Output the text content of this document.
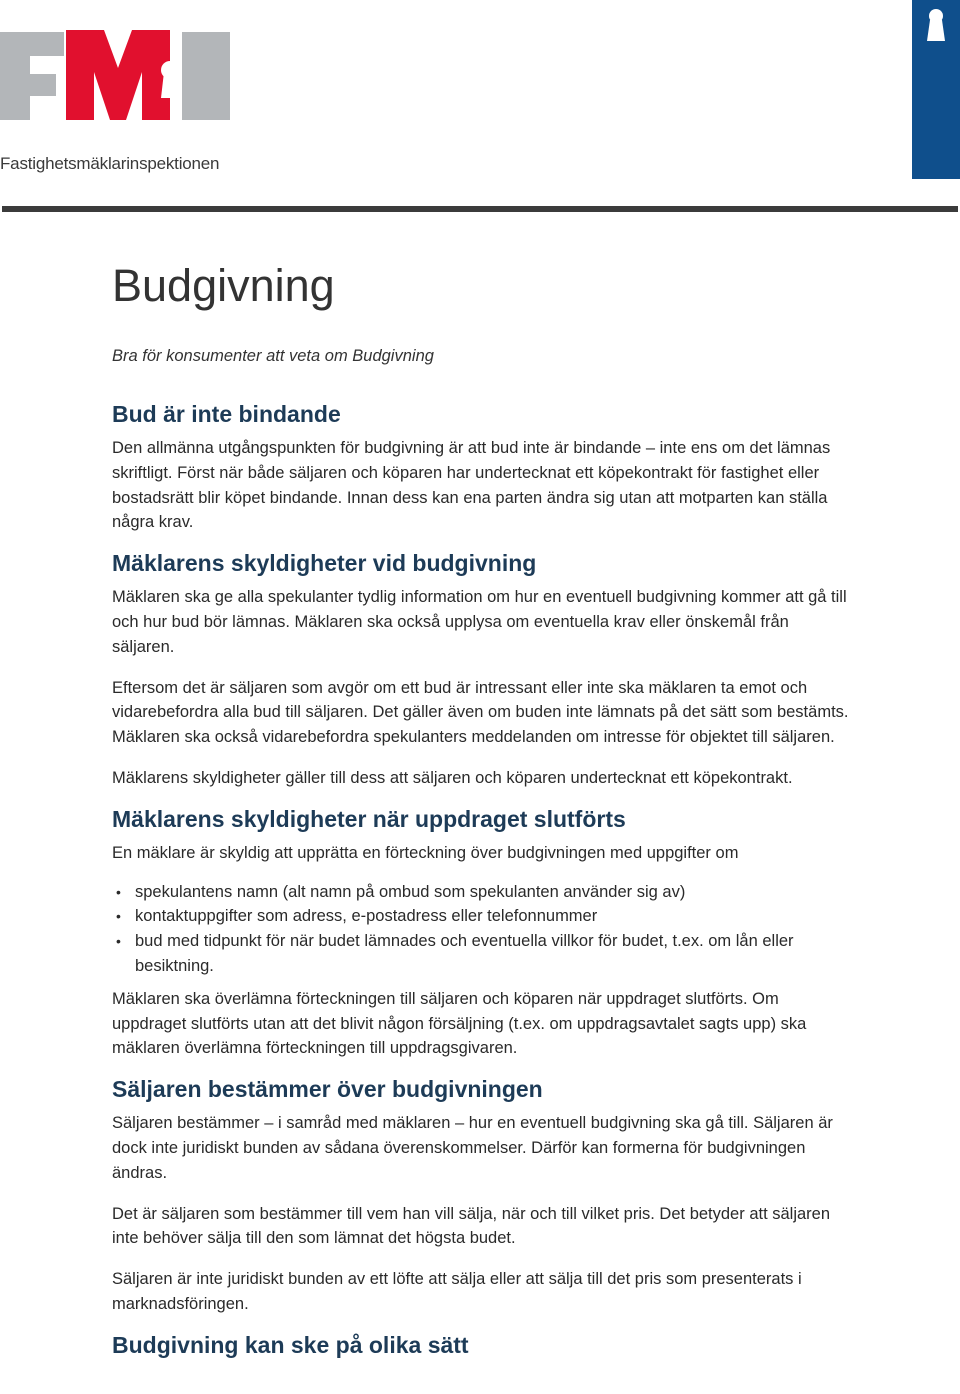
Fastighetsmäklarinspektionen
Budgivning

Bra för konsumenter att veta om Budgivning

Bud är inte bindande

Den allmänna utgångspunkten för budgivning är att bud inte är bindande – inte ens om det lämnas skriftligt. Först när både säljaren och köparen har undertecknat ett köpekontrakt för fastighet eller bostadsrätt blir köpet bindande. Innan dess kan ena parten ändra sig utan att motparten kan ställa några krav.

Mäklarens skyldigheter vid budgivning

Mäklaren ska ge alla spekulanter tydlig information om hur en eventuell budgivning kommer att gå till och hur bud bör lämnas. Mäklaren ska också upplysa om eventuella krav eller önskemål från säljaren.

Eftersom det är säljaren som avgör om ett bud är intressant eller inte ska mäklaren ta emot och vidarebefordra alla bud till säljaren. Det gäller även om buden inte lämnats på det sätt som bestämts. Mäklaren ska också vidarebefordra spekulanters meddelanden om intresse för objektet till säljaren.

Mäklarens skyldigheter gäller till dess att säljaren och köparen undertecknat ett köpekontrakt.

Mäklarens skyldigheter när uppdraget slutförts

En mäklare är skyldig att upprätta en förteckning över budgivningen med uppgifter om

• spekulantens namn (alt namn på ombud som spekulanten använder sig av)
• kontaktuppgifter som adress, e-postadress eller telefonnummer
• bud med tidpunkt för när budet lämnades och eventuella villkor för budet, t.ex. om lån eller besiktning.

Mäklaren ska överlämna förteckningen till säljaren och köparen när uppdraget slutförts. Om uppdraget slutförts utan att det blivit någon försäljning (t.ex. om uppdragsavtalet sagts upp) ska mäklaren överlämna förteckningen till uppdragsgivaren.

Säljaren bestämmer över budgivningen

Säljaren bestämmer – i samråd med mäklaren – hur en eventuell budgivning ska gå till. Säljaren är dock inte juridiskt bunden av sådana överenskommelser. Därför kan formerna för budgivningen ändras.

Det är säljaren som bestämmer till vem han vill sälja, när och till vilket pris. Det betyder att säljaren inte behöver sälja till den som lämnat det högsta budet.

Säljaren är inte juridiskt bunden av ett löfte att sälja eller att sälja till det pris som presenterats i marknadsföringen.

Budgivning kan ske på olika sätt
